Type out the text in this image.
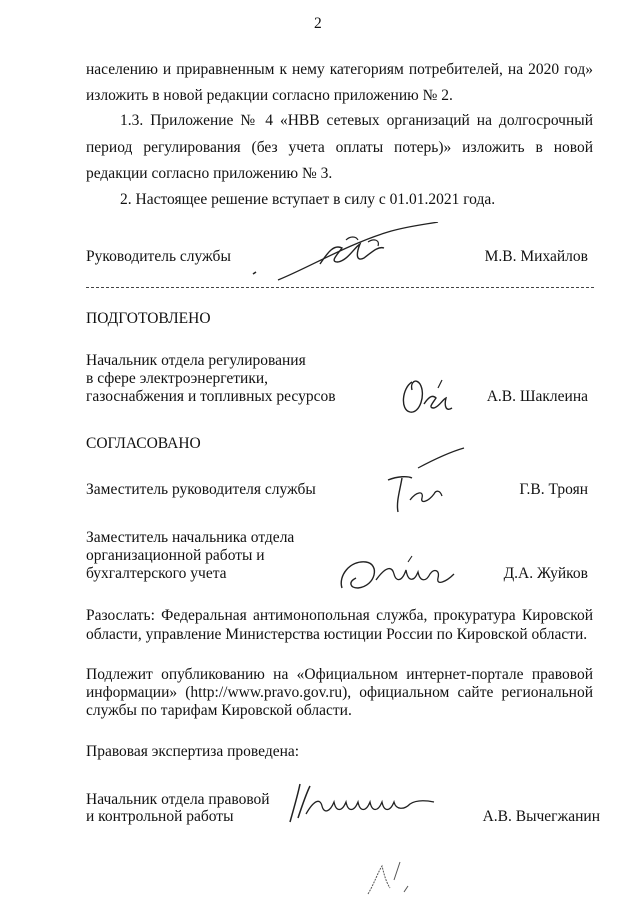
2
населению и приравненным к нему категориям потребителей, на 2020 год»
изложить в новой редакции согласно приложению № 2.
1.3. Приложение № 4 «НВВ сетевых организаций на долгосрочный
период регулирования (без учета оплаты потерь)» изложить в новой
редакции согласно приложению № 3.
2. Настоящее решение вступает в силу с 01.01.2021 года.
Руководитель службы	М.В. Михайлов
ПОДГОТОВЛЕНО
Начальник отдела регулирования
в сфере электроэнергетики,
газоснабжения и топливных ресурсов	А.В. Шаклеина
СОГЛАСОВАНО
Заместитель руководителя службы	Г.В. Троян
Заместитель начальника отдела
организационной работы и
бухгалтерского учета	Д.А. Жуйков
Разослать: Федеральная антимонопольная служба, прокуратура Кировской
области, управление Министерства юстиции России по Кировской области.
Подлежит опубликованию на «Официальном интернет-портале правовой
информации» (http://www.pravo.gov.ru), официальном сайте региональной
службы по тарифам Кировской области.
Правовая экспертиза проведена:
Начальник отдела правовой
и контрольной работы	А.В. Вычегжанин
